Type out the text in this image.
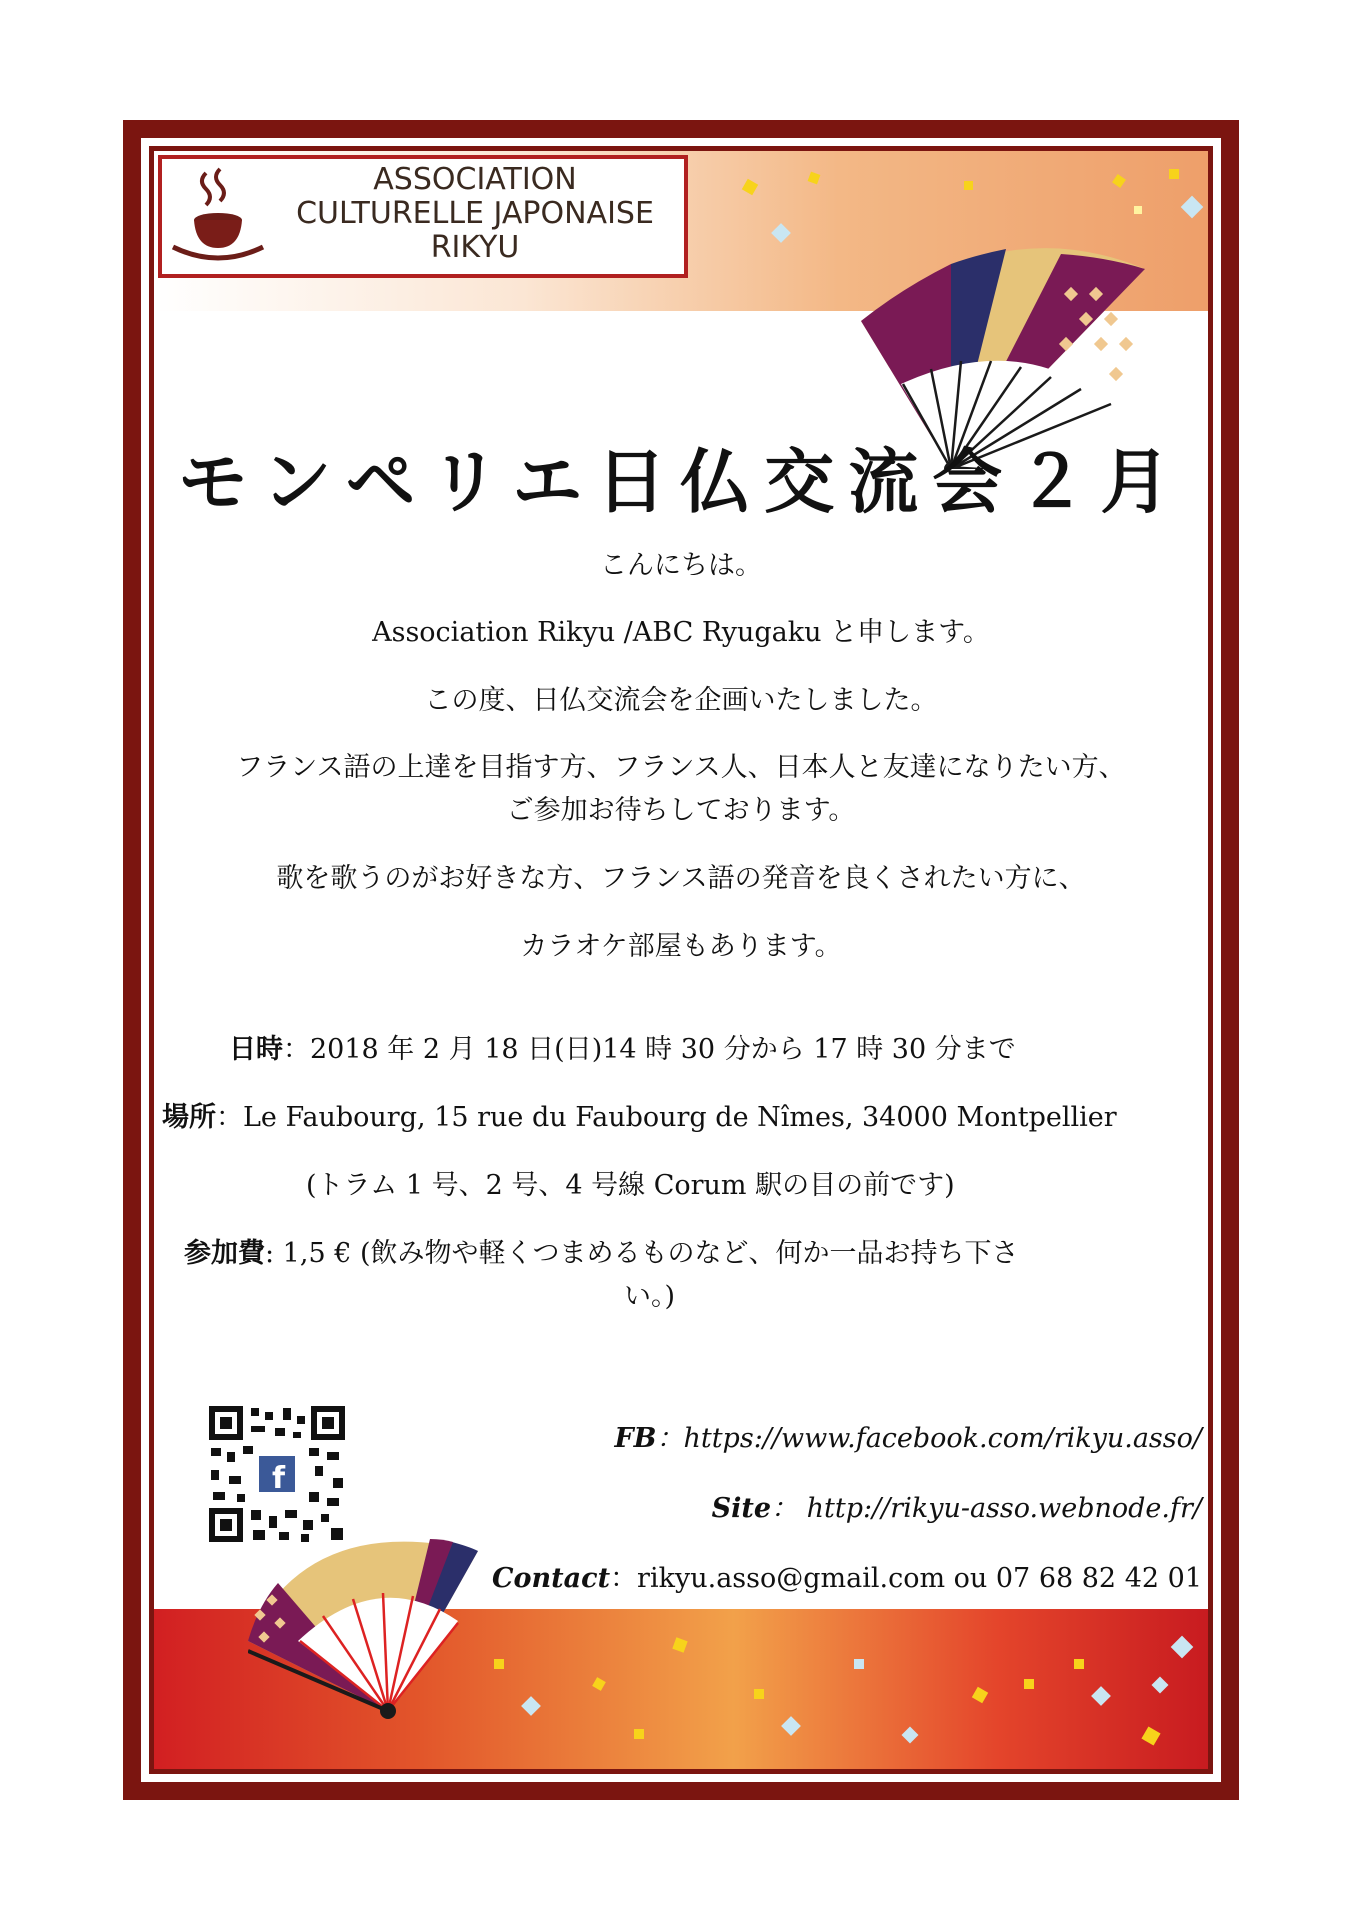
ASSOCIATION
CULTURELLE JAPONAISE
RIKYU
モンペリエ日仏交流会２月
こんにちは。
Association Rikyu /ABC Ryugaku と申します。
この度、日仏交流会を企画いたしました。
フランス語の上達を目指す方、フランス人、日本人と友達になりたい方、
ご参加お待ちしております。
歌を歌うのがお好きな方、フランス語の発音を良くされたい方に、
カラオケ部屋もあります。
日時：2018 年 2 月 18 日(日)14 時 30 分から 17 時 30 分まで
場所：Le Faubourg, 15 rue du Faubourg de Nîmes, 34000 Montpellier
(トラム 1 号、2 号、4 号線 Corum 駅の目の前です)
参加費: 1,5 € (飲み物や軽くつまめるものなど、何か一品お持ち下さ
い。)
f
FB：https://www.facebook.com/rikyu.asso/
Site： http://rikyu-asso.webnode.fr/
Contact：rikyu.asso@gmail.com ou 07 68 82 42 01
